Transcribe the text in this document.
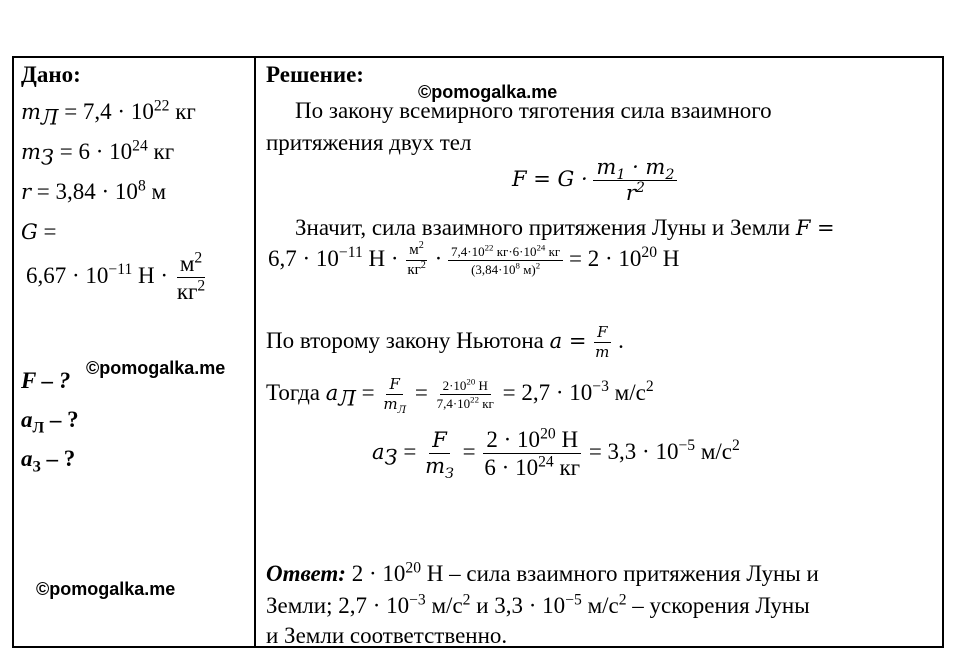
Дано:
$m_Л = 7,4 \cdot 10^{22}$ кг
$m_З = 6 \cdot 10^{24}$ кг
$r = 3,84 \cdot 10^8$ м
G =
$6,67 \cdot 10^{-11}$ $Н \cdot \frac{м^2}{кг^2}$
F – ?
$a_Л$ – ?
$a_З$ – ?
©pomogalka.me
©pomogalka.me
Решение:
©pomogalka.me
По закону всемирного тяготения сила взаимного
притяжения двух тел
$F = G \cdot \frac{m_1 \cdot m_2}{r^2}$
Значит, сила взаимного притяжения Луны и Земли F =
$6,7 \cdot 10^{-11}$ $Н \cdot \frac{м^2}{кг^2} \cdot \frac{7,4\cdot 10^{22} кг\cdot 6\cdot 10^{24} кг}{(3,84\cdot 10^8 м)^2} = 2 \cdot 10^{20}$ Н
По второму закону Ньютона $a = \frac{F}{m}$ .
Тогда $a_Л = \frac{F}{m_Л} = \frac{2\cdot 10^{20} Н}{7,4\cdot 10^{22} кг} = 2,7 \cdot 10^{-3}$ $м/с^2$
$a_З = \frac{F}{m_З} = \frac{2 \cdot 10^{20} Н}{6 \cdot 10^{24} кг} = 3,3 \cdot 10^{-5}$ $м/с^2$
Ответ: $2 \cdot 10^{20}$ Н – сила взаимного притяжения Луны и
Земли; $2,7 \cdot 10^{-3}$ $м/с^2$ и $3,3 \cdot 10^{-5}$ $м/с^2$ – ускорения Луны
и Земли соответственно.
